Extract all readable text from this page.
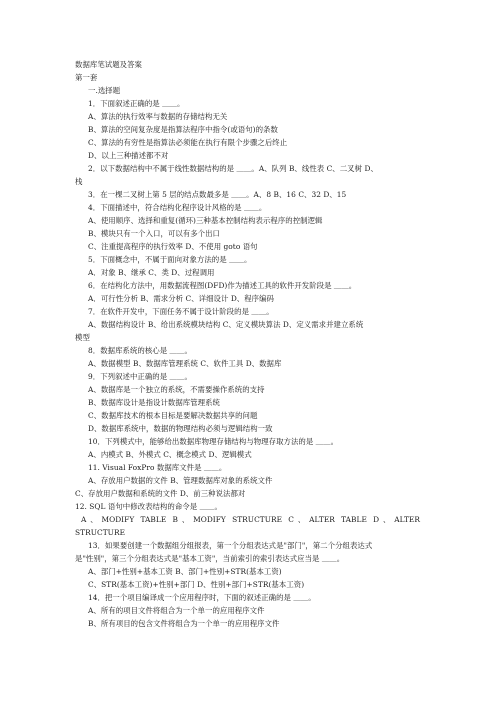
数据库笔试题及答案
第一套
一.选择题
1．下面叙述正确的是 ＿＿。
A、算法的执行效率与数据的存储结构无关
B、算法的空间复杂度是指算法程序中指令(或语句)的条数
C、算法的有穷性是指算法必须能在执行有限个步骤之后终止
D、以上三种描述都不对
2．以下数据结构中不属于线性数据结构的是 ＿＿。A、队列 B、线性表 C、二叉树 D、
栈
3．在一棵二叉树上第 5 层的结点数最多是 ＿＿。A、8 B、16 C、32 D、15
4．下面描述中，符合结构化程序设计风格的是 ＿＿。
A、使用顺序、选择和重复(循环)三种基本控制结构表示程序的控制逻辑
B、模块只有一个入口，可以有多个出口
C、注重提高程序的执行效率 D、不使用 goto 语句
5．下面概念中，不属于面向对象方法的是 ＿＿。
A．对象 B、继承 C、类 D、过程调用
6．在结构化方法中，用数据流程图(DFD)作为描述工具的软件开发阶段是 ＿＿。
A．可行性分析 B、需求分析 C、详细设计 D、程序编码
7．在软件开发中，下面任务不属于设计阶段的是 ＿＿。
A、数据结构设计 B、给出系统模块结构 C、定义模块算法 D、定义需求并建立系统
模型
8．数据库系统的核心是 ＿＿。
A、数据模型 B、数据库管理系统 C、软件工具 D、数据库
9．下列叙述中正确的是 ＿＿。
A、数据库是一个独立的系统，不需要操作系统的支持
B、数据库设计是指设计数据库管理系统
C、数据库技术的根本目标是要解决数据共享的问题
D、数据库系统中，数据的物理结构必须与逻辑结构一致
10．下列模式中，能够给出数据库物理存储结构与物理存取方法的是 ＿＿。
A、内模式 B、外模式 C、概念模式 D、逻辑模式
11. Visual FoxPro 数据库文件是 ＿＿。
A、存放用户数据的文件 B、管理数据库对象的系统文件
C、存放用户数据和系统的文件 D、前三种说法都对
12. SQL 语句中修改表结构的命令是 ＿＿。
A、MODIFY TABLE B、MODIFY STRUCTURE C、ALTER TABLE D、ALTER
STRUCTURE
13．如果要创建一个数据组分组报表，第一个分组表达式是"部门"，第二个分组表达式
是"性别"，第三个分组表达式是"基本工资"，当前索引的索引表达式应当是 ＿＿。
A、部门+性别+基本工资 B、部门+性别+STR(基本工资)
C、STR(基本工资)+性别+部门 D、性别+部门+STR(基本工资)
14．把一个项目编译成一个应用程序时，下面的叙述正确的是 ＿＿。
A、所有的项目文件将组合为一个单一的应用程序文件
B、所有项目的包含文件将组合为一个单一的应用程序文件
